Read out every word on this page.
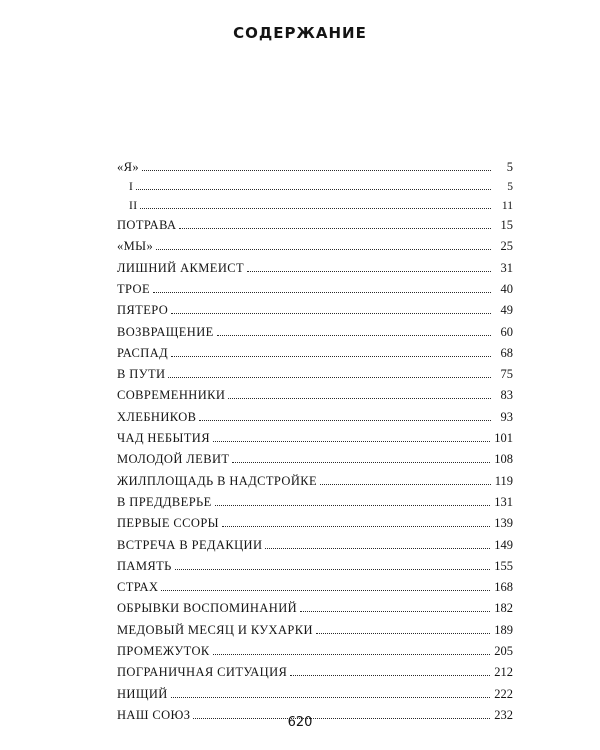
СОДЕРЖАНИЕ
«Я»	5
I	5
II	11
ПОТРАВА	15
«МЫ»	25
ЛИШНИЙ АКМЕИСТ	31
ТРОЕ	40
ПЯТЕРО	49
ВОЗВРАЩЕНИЕ	60
РАСПАД	68
В ПУТИ	75
СОВРЕМЕННИКИ	83
ХЛЕБНИКОВ	93
ЧАД НЕБЫТИЯ	101
МОЛОДОЙ ЛЕВИТ	108
ЖИЛПЛОЩАДЬ В НАДСТРОЙКЕ	119
В ПРЕДДВЕРЬЕ	131
ПЕРВЫЕ ССОРЫ	139
ВСТРЕЧА В РЕДАКЦИИ	149
ПАМЯТЬ	155
СТРАХ	168
ОБРЫВКИ ВОСПОМИНАНИЙ	182
МЕДОВЫЙ МЕСЯЦ И КУХАРКИ	189
ПРОМЕЖУТОК	205
ПОГРАНИЧНАЯ СИТУАЦИЯ	212
НИЩИЙ	222
НАШ СОЮЗ	232
620
